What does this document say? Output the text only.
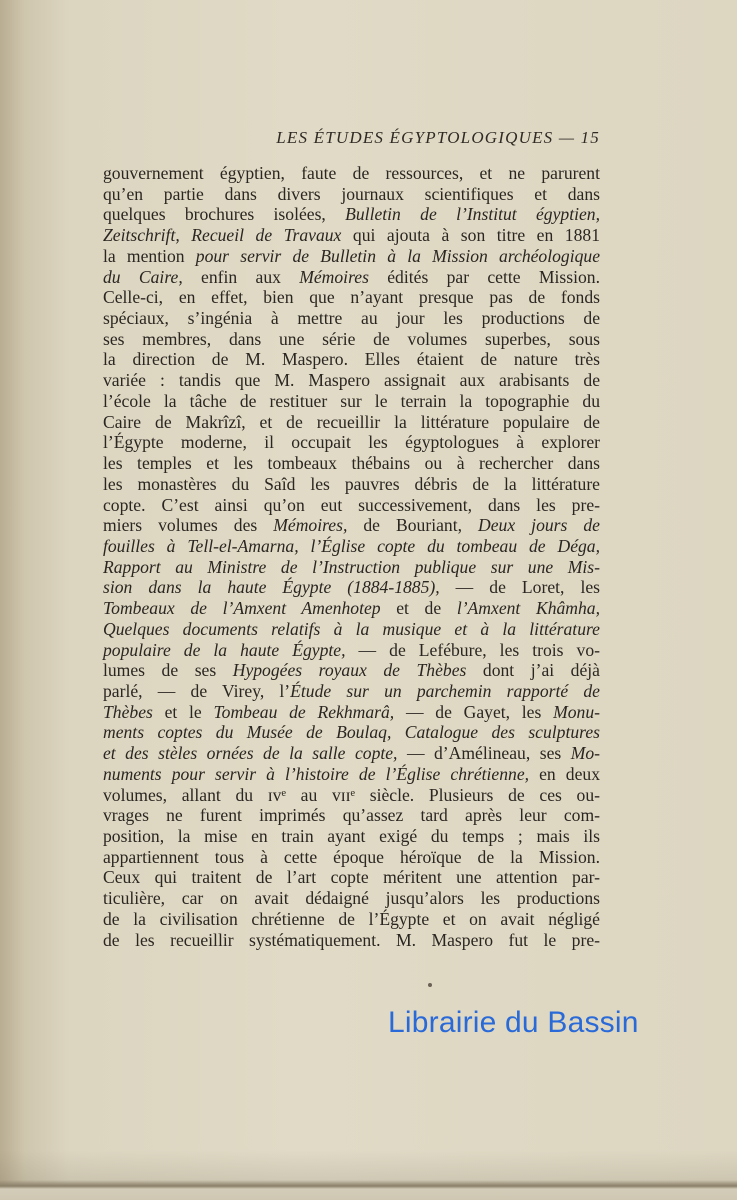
LES ÉTUDES ÉGYPTOLOGIQUES — 15
gouvernement égyptien, faute de ressources, et ne parurent
qu’en partie dans divers journaux scientifiques et dans
quelques brochures isolées, Bulletin de l’Institut égyptien,
Zeitschrift, Recueil de Travaux qui ajouta à son titre en 1881
la mention pour servir de Bulletin à la Mission archéologique
du Caire, enfin aux Mémoires édités par cette Mission.
Celle-ci, en effet, bien que n’ayant presque pas de fonds
spéciaux, s’ingénia à mettre au jour les productions de
ses membres, dans une série de volumes superbes, sous
la direction de M. Maspero. Elles étaient de nature très
variée : tandis que M. Maspero assignait aux arabisants de
l’école la tâche de restituer sur le terrain la topographie du
Caire de Makrîzî, et de recueillir la littérature populaire de
l’Égypte moderne, il occupait les égyptologues à explorer
les temples et les tombeaux thébains ou à rechercher dans
les monastères du Saîd les pauvres débris de la littérature
copte. C’est ainsi qu’on eut successivement, dans les pre-
miers volumes des Mémoires, de Bouriant, Deux jours de
fouilles à Tell-el-Amarna, l’Église copte du tombeau de Déga,
Rapport au Ministre de l’Instruction publique sur une Mis-
sion dans la haute Égypte (1884-1885), — de Loret, les
Tombeaux de l’Amxent Amenhotep et de l’Amxent Khâmha,
Quelques documents relatifs à la musique et à la littérature
populaire de la haute Égypte, — de Lefébure, les trois vo-
lumes de ses Hypogées royaux de Thèbes dont j’ai déjà
parlé, — de Virey, l’Étude sur un parchemin rapporté de
Thèbes et le Tombeau de Rekhmarâ, — de Gayet, les Monu-
ments coptes du Musée de Boulaq, Catalogue des sculptures
et des stèles ornées de la salle copte, — d’Amélineau, ses Mo-
numents pour servir à l’histoire de l’Église chrétienne, en deux
volumes, allant du ɪᴠᵉ au ᴠɪɪᵉ siècle. Plusieurs de ces ou-
vrages ne furent imprimés qu’assez tard après leur com-
position, la mise en train ayant exigé du temps ; mais ils
appartiennent tous à cette époque héroïque de la Mission.
Ceux qui traitent de l’art copte méritent une attention par-
ticulière, car on avait dédaigné jusqu’alors les productions
de la civilisation chrétienne de l’Égypte et on avait négligé
de les recueillir systématiquement. M. Maspero fut le pre-
Librairie du Bassin
